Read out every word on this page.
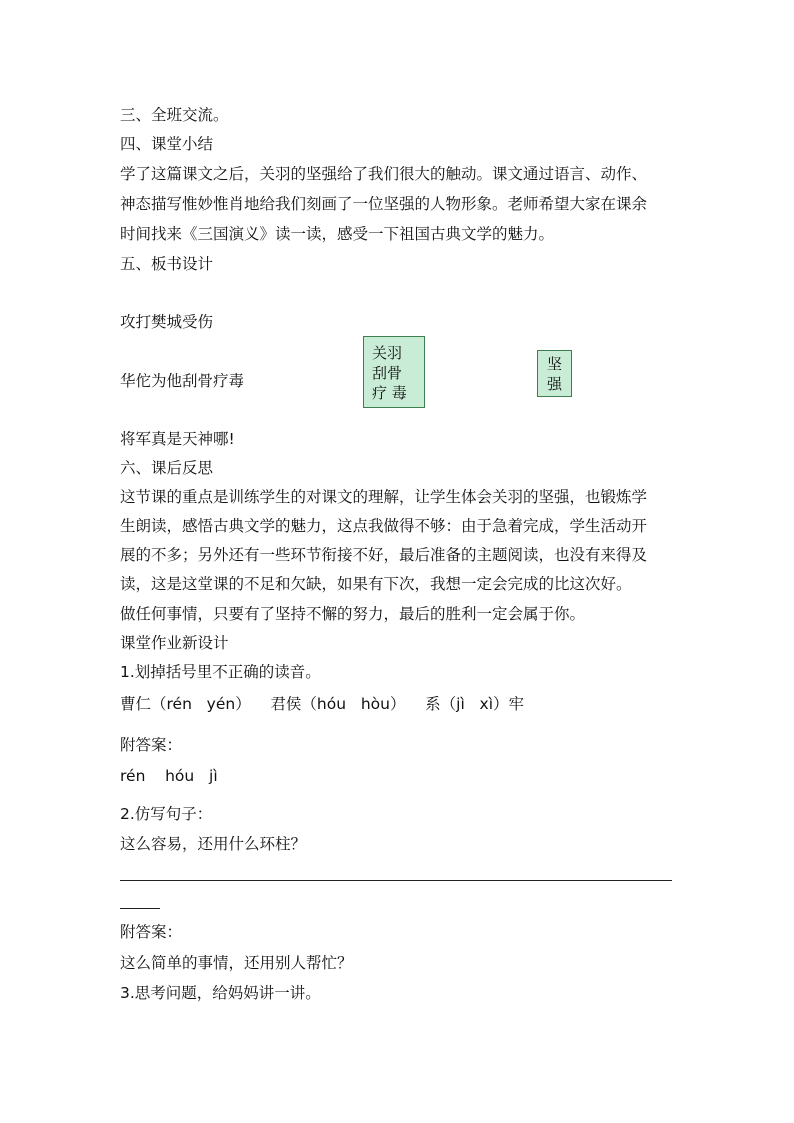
三、全班交流。
四、课堂小结
学了这篇课文之后，关羽的坚强给了我们很大的触动。课文通过语言、动作、
神态描写惟妙惟肖地给我们刻画了一位坚强的人物形象。老师希望大家在课余
时间找来《三国演义》读一读，感受一下祖国古典文学的魅力。
五、板书设计
攻打樊城受伤
华佗为他刮骨疗毒
关羽
刮骨
疗 毒
坚
强
将军真是天神哪!
六、课后反思
这节课的重点是训练学生的对课文的理解，让学生体会关羽的坚强，也锻炼学
生朗读，感悟古典文学的魅力，这点我做得不够：由于急着完成，学生活动开
展的不多；另外还有一些环节衔接不好，最后准备的主题阅读，也没有来得及
读，这是这堂课的不足和欠缺，如果有下次，我想一定会完成的比这次好。
做任何事情，只要有了坚持不懈的努力，最后的胜利一定会属于你。
课堂作业新设计
1.划掉括号里不正确的读音。
曹仁（rén   yén）    君侯（hóu   hòu）    系（jì   xì）牢
附答案：
rén    hóu   jì
2.仿写句子：
这么容易，还用什么环柱？
附答案：
这么简单的事情，还用别人帮忙？
3.思考问题，给妈妈讲一讲。
